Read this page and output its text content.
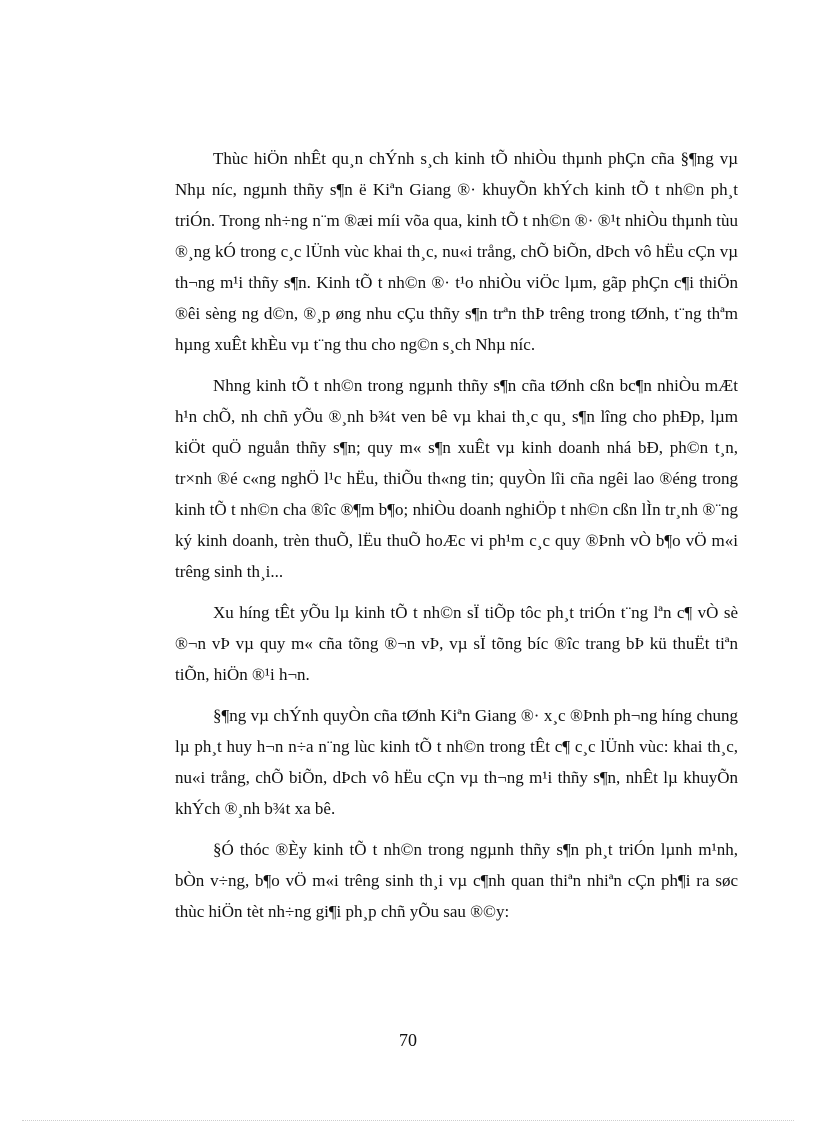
Thùc hiÖn nhÊt qu¸n chÝnh s¸ch kinh tÕ nhiÒu thµnh phÇn cña §¶ng vµ Nhµ níc, ngµnh thñy s¶n ë Kiªn Giang ®· khuyÕn khÝch kinh tÕ t nh©n ph¸t triÓn. Trong nh÷ng n¨m ®æi míi võa qua, kinh tÕ t nh©n ®· ®¹t nhiÒu thµnh tùu ®¸ng kÓ trong c¸c lÜnh vùc khai th¸c, nu«i trång, chÕ biÕn, dÞch vô hËu cÇn vµ th¬ng m¹i thñy s¶n. Kinh tÕ t nh©n ®· t¹o nhiÒu viÖc lµm, gãp phÇn c¶i thiÖn ®êi sèng ng d©n, ®¸p øng nhu cÇu thñy s¶n trªn thÞ trêng trong tØnh, t¨ng thªm hµng xuÊt khÈu vµ t¨ng thu cho ng©n s¸ch Nhµ níc.

Nhng kinh tÕ t nh©n trong ngµnh thñy s¶n cña tØnh cßn bc¶n nhiÒu mÆt h¹n chÕ, nh chñ yÕu ®¸nh b¾t ven bê vµ khai th¸c qu¸ s¶n lîng cho phÐp, lµm kiÖt quÖ nguån thñy s¶n; quy m« s¶n xuÊt vµ kinh doanh nhá bÐ, ph©n t¸n, tr×nh ®é c«ng nghÖ l¹c hËu, thiÕu th«ng tin; quyÒn lîi cña ngêi lao ®éng trong kinh tÕ t nh©n cha ®îc ®¶m b¶o; nhiÒu doanh nghiÖp t nh©n cßn lÌn tr¸nh ®¨ng ký kinh doanh, trèn thuÕ, lËu thuÕ hoÆc vi ph¹m c¸c quy ®Þnh vÒ b¶o vÖ m«i trêng sinh th¸i...

Xu híng tÊt yÕu lµ kinh tÕ t nh©n sÏ tiÕp tôc ph¸t triÓn t¨ng lªn c¶ vÒ sè ®¬n vÞ vµ quy m« cña tõng ®¬n vÞ, vµ sÏ tõng bíc ®îc trang bÞ kü thuËt tiªn tiÕn, hiÖn ®¹i h¬n.

§¶ng vµ chÝnh quyÒn cña tØnh Kiªn Giang ®· x¸c ®Þnh ph¬ng híng chung lµ ph¸t huy h¬n n÷a n¨ng lùc kinh tÕ t nh©n trong tÊt c¶ c¸c lÜnh vùc: khai th¸c, nu«i trång, chÕ biÕn, dÞch vô hËu cÇn vµ th¬ng m¹i thñy s¶n, nhÊt lµ khuyÕn khÝch ®¸nh b¾t xa bê.

§Ó thóc ®Èy kinh tÕ t nh©n trong ngµnh thñy s¶n ph¸t triÓn lµnh m¹nh, bÒn v÷ng, b¶o vÖ m«i trêng sinh th¸i vµ c¶nh quan thiªn nhiªn cÇn ph¶i ra søc thùc hiÖn tèt nh÷ng gi¶i ph¸p chñ yÕu sau ®©y:

70
